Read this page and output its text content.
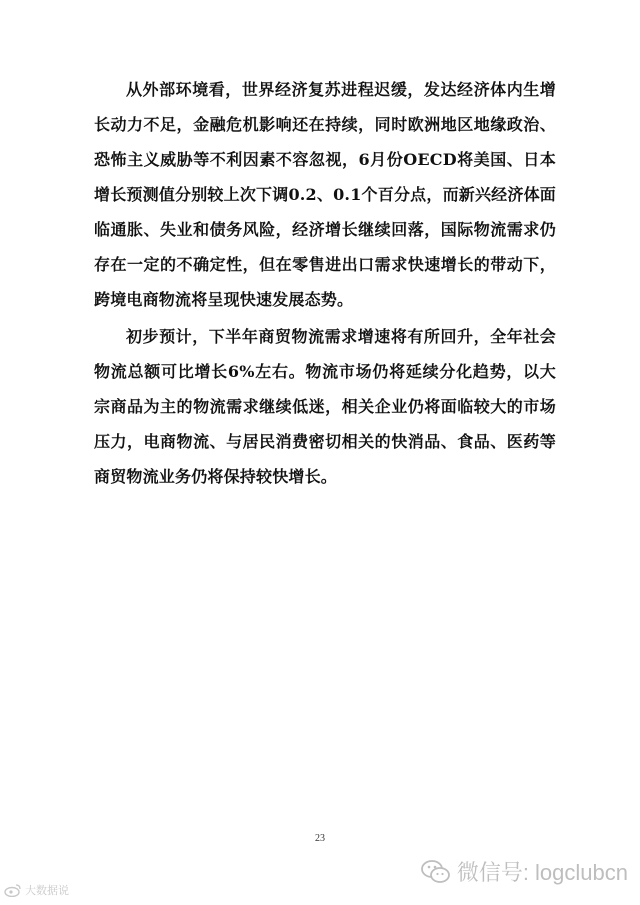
从外部环境看，世界经济复苏进程迟缓，发达经济体内生增长动力不足，金融危机影响还在持续，同时欧洲地区地缘政治、恐怖主义威胁等不利因素不容忽视，6月份OECD将美国、日本增长预测值分别较上次下调0.2、0.1个百分点，而新兴经济体面临通胀、失业和债务风险，经济增长继续回落，国际物流需求仍存在一定的不确定性，但在零售进出口需求快速增长的带动下，跨境电商物流将呈现快速发展态势。

初步预计，下半年商贸物流需求增速将有所回升，全年社会物流总额可比增长6%左右。物流市场仍将延续分化趋势，以大宗商品为主的物流需求继续低迷，相关企业仍将面临较大的市场压力，电商物流、与居民消费密切相关的快消品、食品、医药等商贸物流业务仍将保持较快增长。

23
微信号: logclubcn
大数据说
